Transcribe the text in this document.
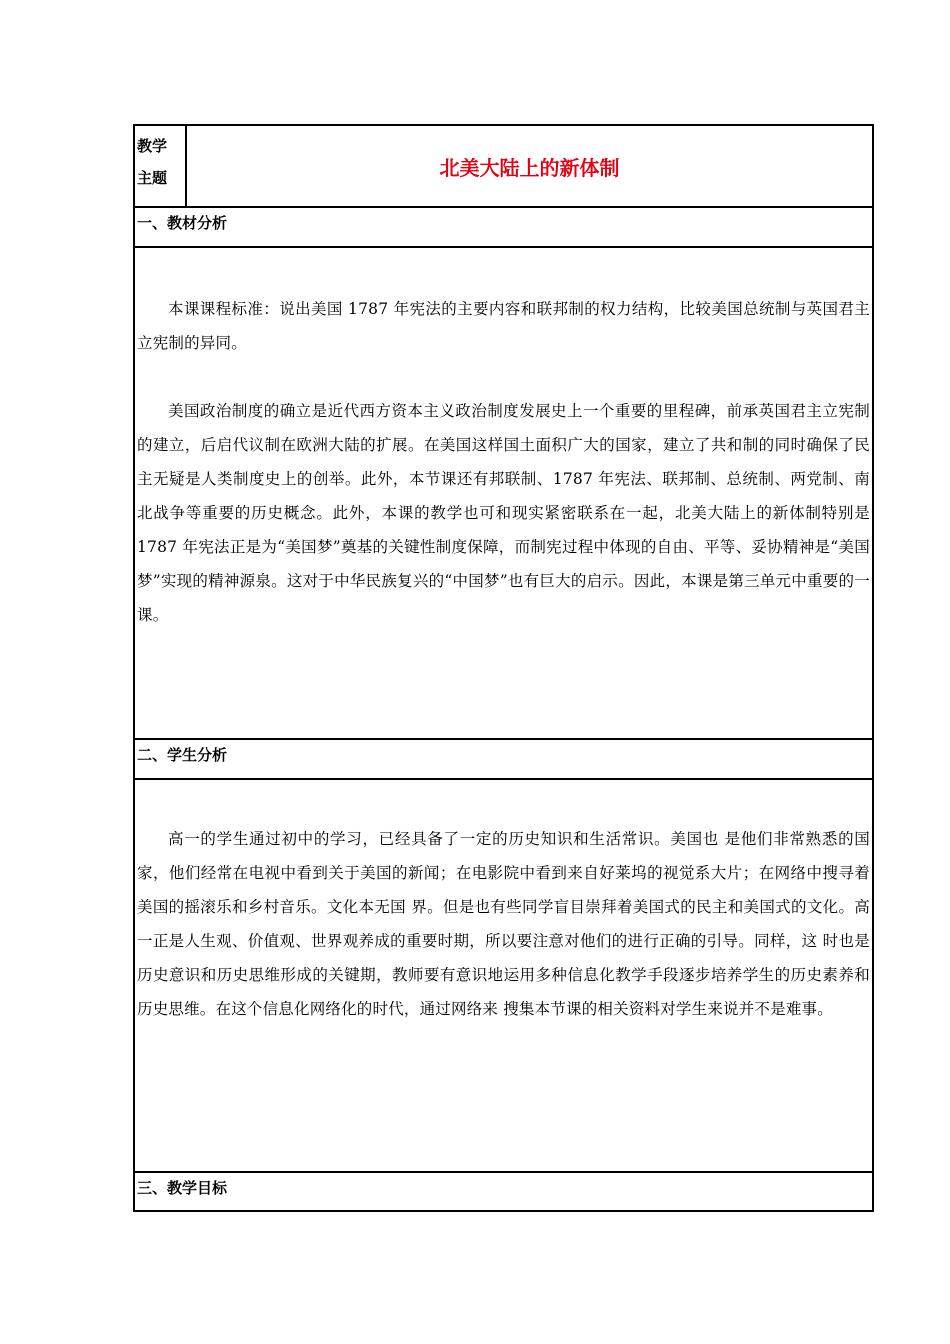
教学
主题	北美大陆上的新体制
一、教材分析

本课课程标准：说出美国 1787 年宪法的主要内容和联邦制的权力结构，比较美国总统制与英国君主立宪制的异同。

美国政治制度的确立是近代西方资本主义政治制度发展史上一个重要的里程碑，前承英国君主立宪制的建立，后启代议制在欧洲大陆的扩展。在美国这样国土面积广大的国家，建立了共和制的同时确保了民主无疑是人类制度史上的创举。此外，本节课还有邦联制、1787 年宪法、联邦制、总统制、两党制、南北战争等重要的历史概念。此外，本课的教学也可和现实紧密联系在一起，北美大陆上的新体制特别是 1787 年宪法正是为“美国梦”奠基的关键性制度保障，而制宪过程中体现的自由、平等、妥协精神是“美国梦”实现的精神源泉。这对于中华民族复兴的“中国梦”也有巨大的启示。因此，本课是第三单元中重要的一课。

二、学生分析

高一的学生通过初中的学习，已经具备了一定的历史知识和生活常识。美国也 是他们非常熟悉的国家，他们经常在电视中看到关于美国的新闻；在电影院中看到来自好莱坞的视觉系大片；在网络中搜寻着美国的摇滚乐和乡村音乐。文化本无国 界。但是也有些同学盲目崇拜着美国式的民主和美国式的文化。高一正是人生观、价值观、世界观养成的重要时期，所以要注意对他们的进行正确的引导。同样，这 时也是历史意识和历史思维形成的关键期，教师要有意识地运用多种信息化教学手段逐步培养学生的历史素养和历史思维。在这个信息化网络化的时代，通过网络来 搜集本节课的相关资料对学生来说并不是难事。

三、教学目标
